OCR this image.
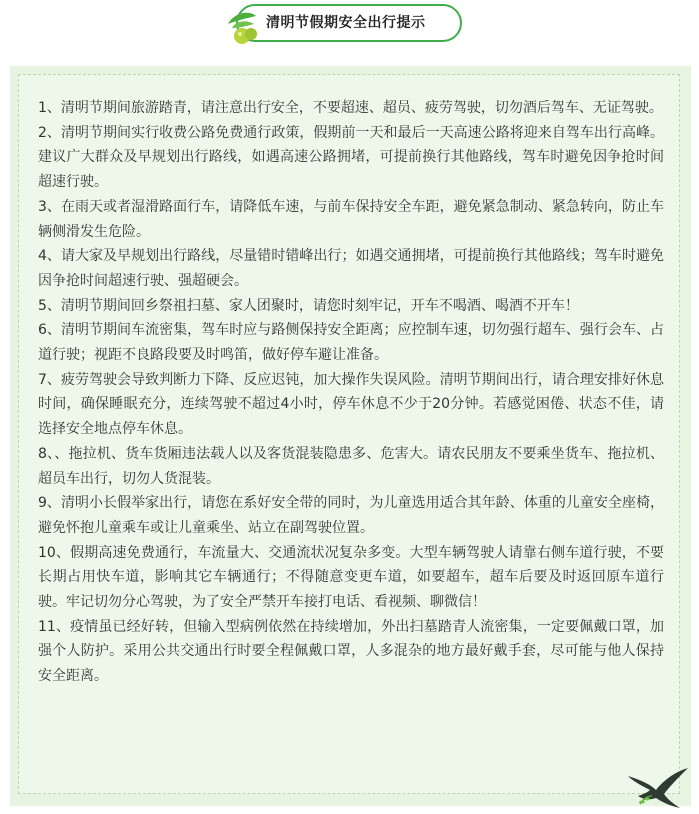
清明节假期安全出行提示

1、清明节期间旅游踏青，请注意出行安全，不要超速、超员、疲劳驾驶，切勿酒后驾车、无证驾驶。

2、清明节期间实行收费公路免费通行政策，假期前一天和最后一天高速公路将迎来自驾车出行高峰。建议广大群众及早规划出行路线，如遇高速公路拥堵，可提前换行其他路线，驾车时避免因争抢时间超速行驶。

3、在雨天或者湿滑路面行车，请降低车速，与前车保持安全车距，避免紧急制动、紧急转向，防止车辆侧滑发生危险。

4、请大家及早规划出行路线，尽量错时错峰出行；如遇交通拥堵，可提前换行其他路线；驾车时避免因争抢时间超速行驶、强超硬会。

5、清明节期间回乡祭祖扫墓、家人团聚时，请您时刻牢记，开车不喝酒、喝酒不开车！

6、清明节期间车流密集，驾车时应与路侧保持安全距离；应控制车速，切勿强行超车、强行会车、占道行驶；视距不良路段要及时鸣笛，做好停车避让准备。

7、疲劳驾驶会导致判断力下降、反应迟钝，加大操作失误风险。清明节期间出行，请合理安排好休息时间，确保睡眠充分，连续驾驶不超过4小时，停车休息不少于20分钟。若感觉困倦、状态不佳，请选择安全地点停车休息。

8、、拖拉机、货车货厢违法载人以及客货混装隐患多、危害大。请农民朋友不要乘坐货车、拖拉机、超员车出行，切勿人货混装。

9、清明小长假举家出行，请您在系好安全带的同时，为儿童选用适合其年龄、体重的儿童安全座椅，避免怀抱儿童乘车或让儿童乘坐、站立在副驾驶位置。

10、假期高速免费通行，车流量大、交通流状况复杂多变。大型车辆驾驶人请靠右侧车道行驶，不要长期占用快车道，影响其它车辆通行；不得随意变更车道，如要超车，超车后要及时返回原车道行驶。牢记切勿分心驾驶，为了安全严禁开车接打电话、看视频、聊微信！

11、疫情虽已经好转，但输入型病例依然在持续增加，外出扫墓踏青人流密集，一定要佩戴口罩，加强个人防护。采用公共交通出行时要全程佩戴口罩，人多混杂的地方最好戴手套，尽可能与他人保持安全距离。
